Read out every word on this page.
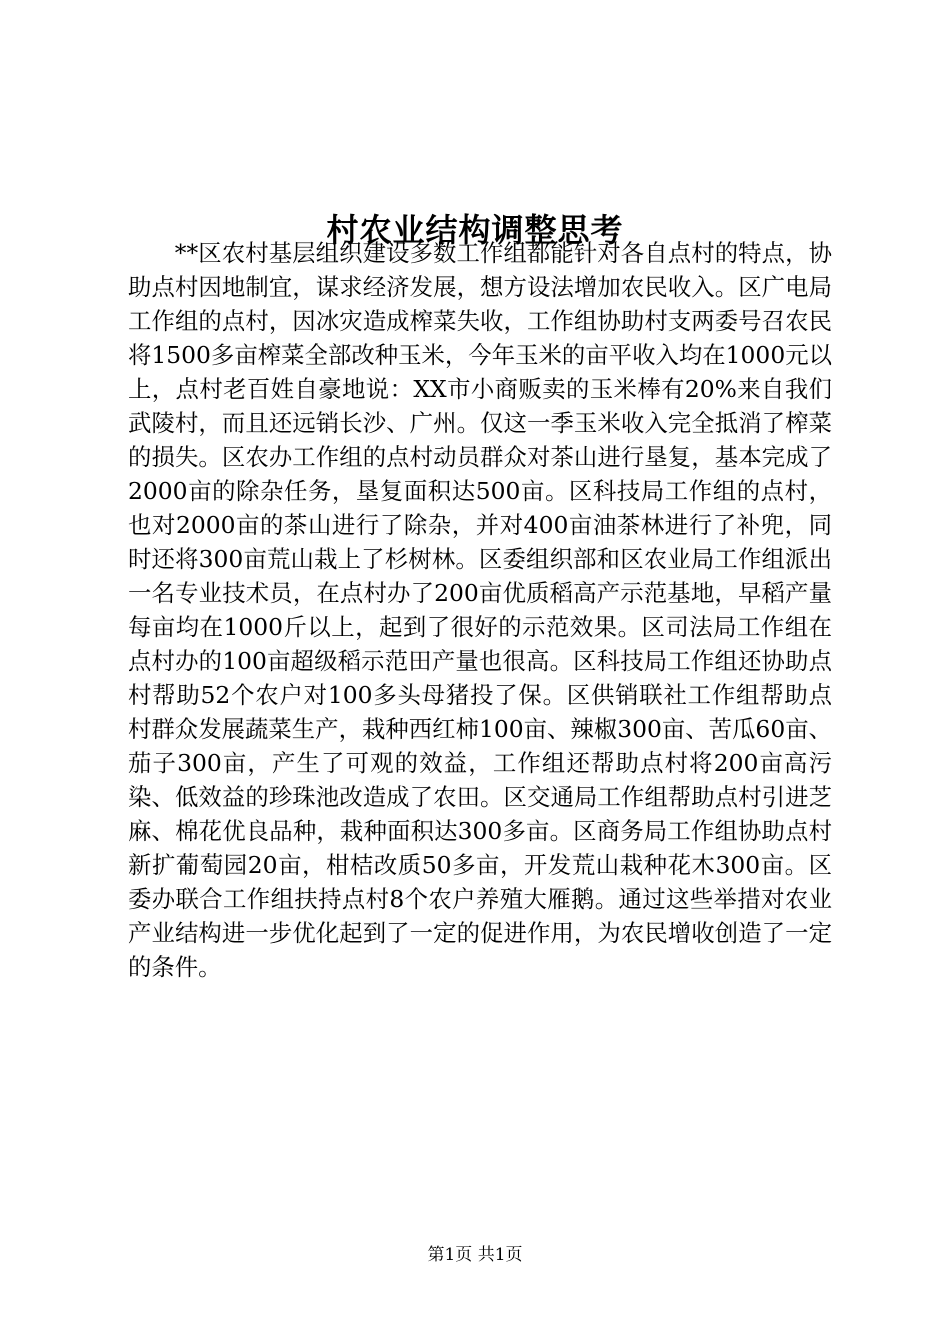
村农业结构调整思考

**区农村基层组织建设多数工作组都能针对各自点村的特点，协助点村因地制宜，谋求经济发展，想方设法增加农民收入。区广电局工作组的点村，因冰灾造成榨菜失收，工作组协助村支两委号召农民将1500多亩榨菜全部改种玉米，今年玉米的亩平收入均在1000元以上，点村老百姓自豪地说：XX市小商贩卖的玉米棒有20%来自我们武陵村，而且还远销长沙、广州。仅这一季玉米收入完全抵消了榨菜的损失。区农办工作组的点村动员群众对茶山进行垦复，基本完成了2000亩的除杂任务，垦复面积达500亩。区科技局工作组的点村，也对2000亩的茶山进行了除杂，并对400亩油茶林进行了补兜，同时还将300亩荒山栽上了杉树林。区委组织部和区农业局工作组派出一名专业技术员，在点村办了200亩优质稻高产示范基地，早稻产量每亩均在1000斤以上，起到了很好的示范效果。区司法局工作组在点村办的100亩超级稻示范田产量也很高。区科技局工作组还协助点村帮助52个农户对100多头母猪投了保。区供销联社工作组帮助点村群众发展蔬菜生产，栽种西红柿100亩、辣椒300亩、苦瓜60亩、茄子300亩，产生了可观的效益，工作组还帮助点村将200亩高污染、低效益的珍珠池改造成了农田。区交通局工作组帮助点村引进芝麻、棉花优良品种，栽种面积达300多亩。区商务局工作组协助点村新扩葡萄园20亩，柑桔改质50多亩，开发荒山栽种花木300亩。区委办联合工作组扶持点村8个农户养殖大雁鹅。通过这些举措对农业产业结构进一步优化起到了一定的促进作用，为农民增收创造了一定的条件。

第1页 共1页
